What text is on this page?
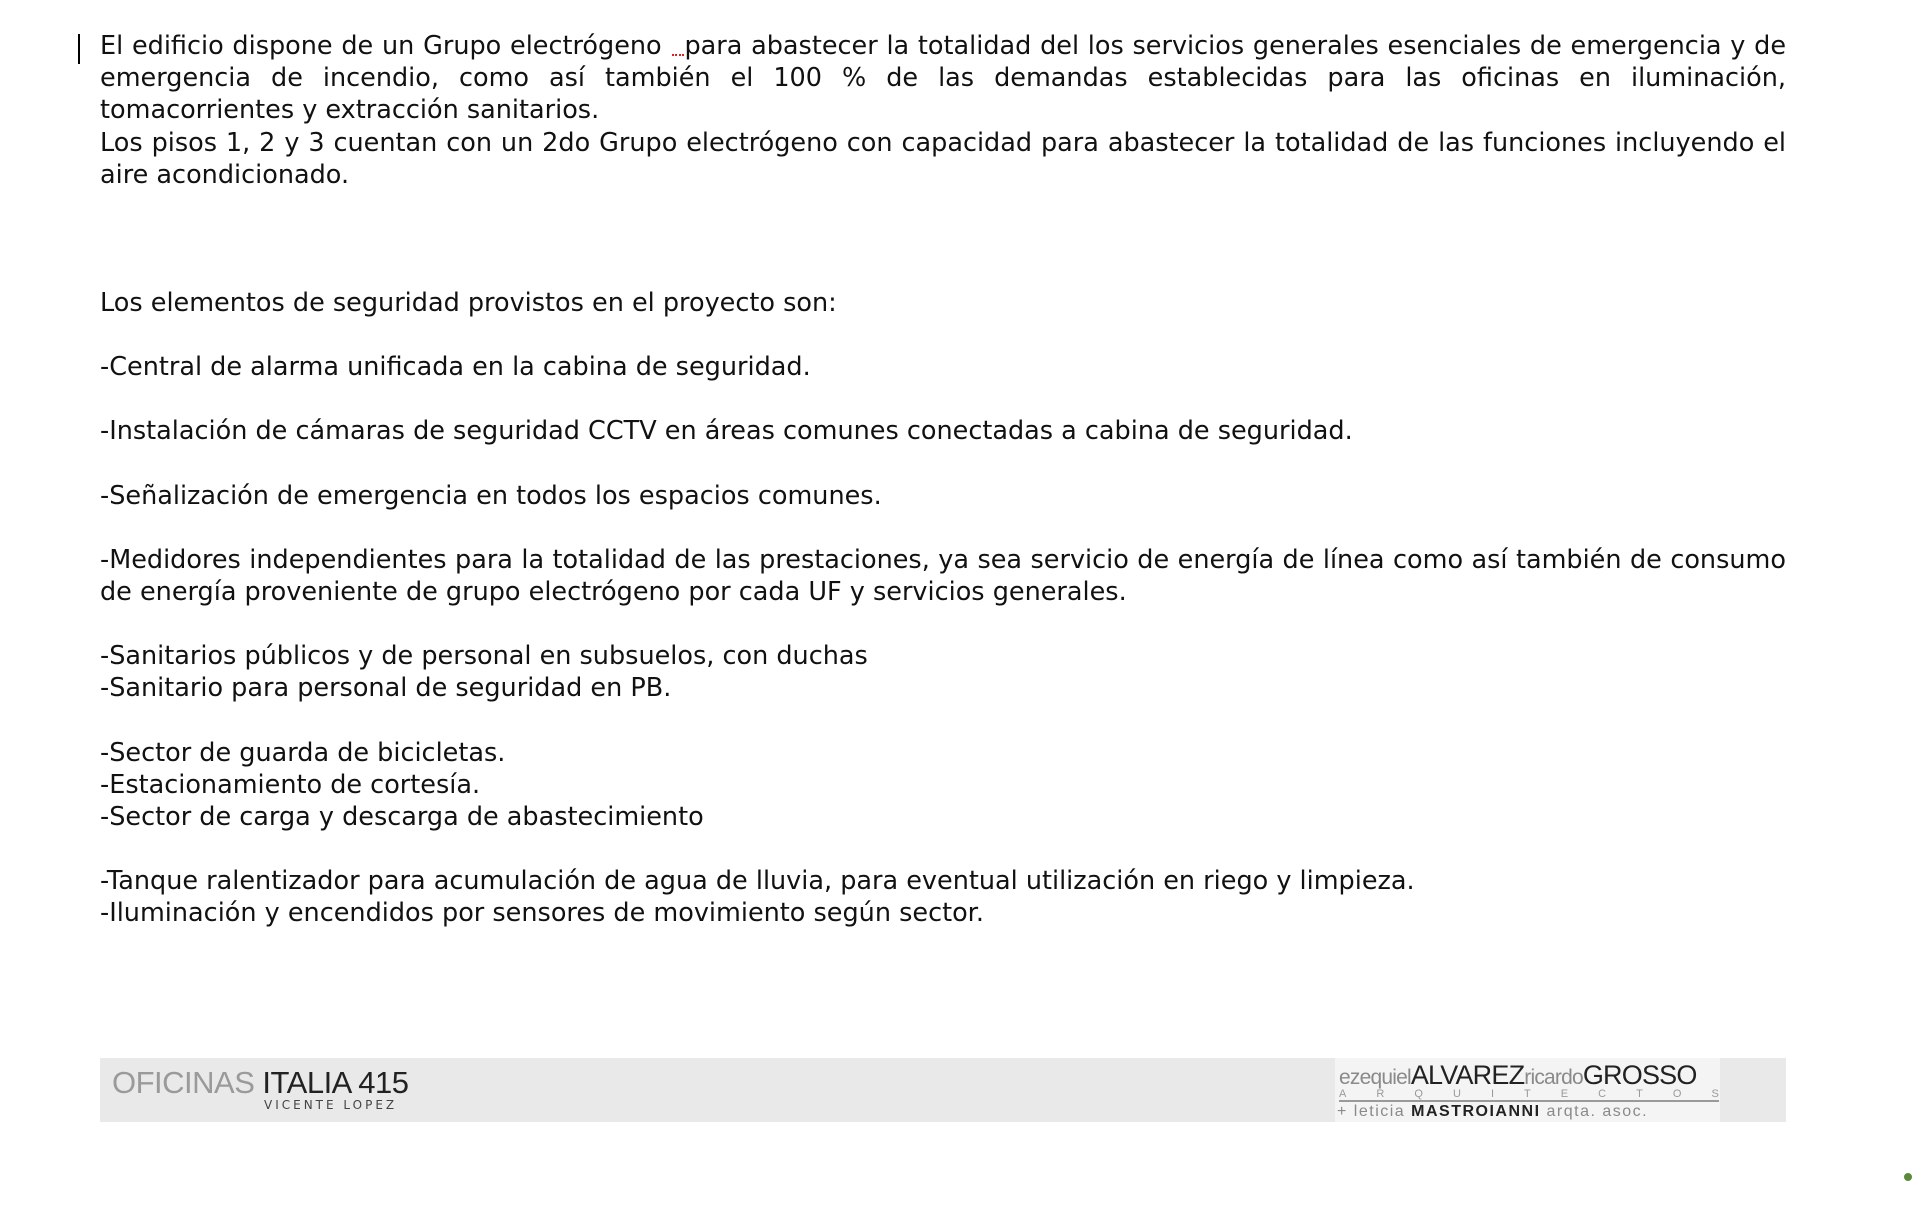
El edificio dispone de un Grupo electrógeno para abastecer la totalidad del los servicios generales esenciales de emergencia y de emergencia de incendio, como así también el 100 % de las demandas establecidas para las oficinas en iluminación, tomacorrientes y extracción sanitarios.

Los pisos 1, 2 y 3 cuentan con un 2do Grupo electrógeno con capacidad para abastecer la totalidad de las funciones incluyendo el aire acondicionado.

Los elementos de seguridad provistos en el proyecto son:

-Central de alarma unificada en la cabina de seguridad.

-Instalación de cámaras de seguridad CCTV en áreas comunes conectadas a cabina de seguridad.

-Señalización de emergencia en todos los espacios comunes.

-Medidores independientes para la totalidad de las prestaciones, ya sea servicio de energía de línea como así también de consumo de energía proveniente de grupo electrógeno por cada UF y servicios generales.

-Sanitarios públicos y de personal en subsuelos, con duchas

-Sanitario para personal de seguridad en PB.

-Sector de guarda de bicicletas.

-Estacionamiento de cortesía.

-Sector de carga y descarga de abastecimiento

-Tanque ralentizador para acumulación de agua de lluvia, para eventual utilización en riego y limpieza.

-Iluminación y encendidos por sensores de movimiento según sector.

OFICINAS ITALIA 415
VICENTE LOPEZ
ezequielALVAREZricardoGROSSO
A	R	Q	U	I	T	E	C	T	O	S
+ leticia MASTROIANNI arqta. asoc.
